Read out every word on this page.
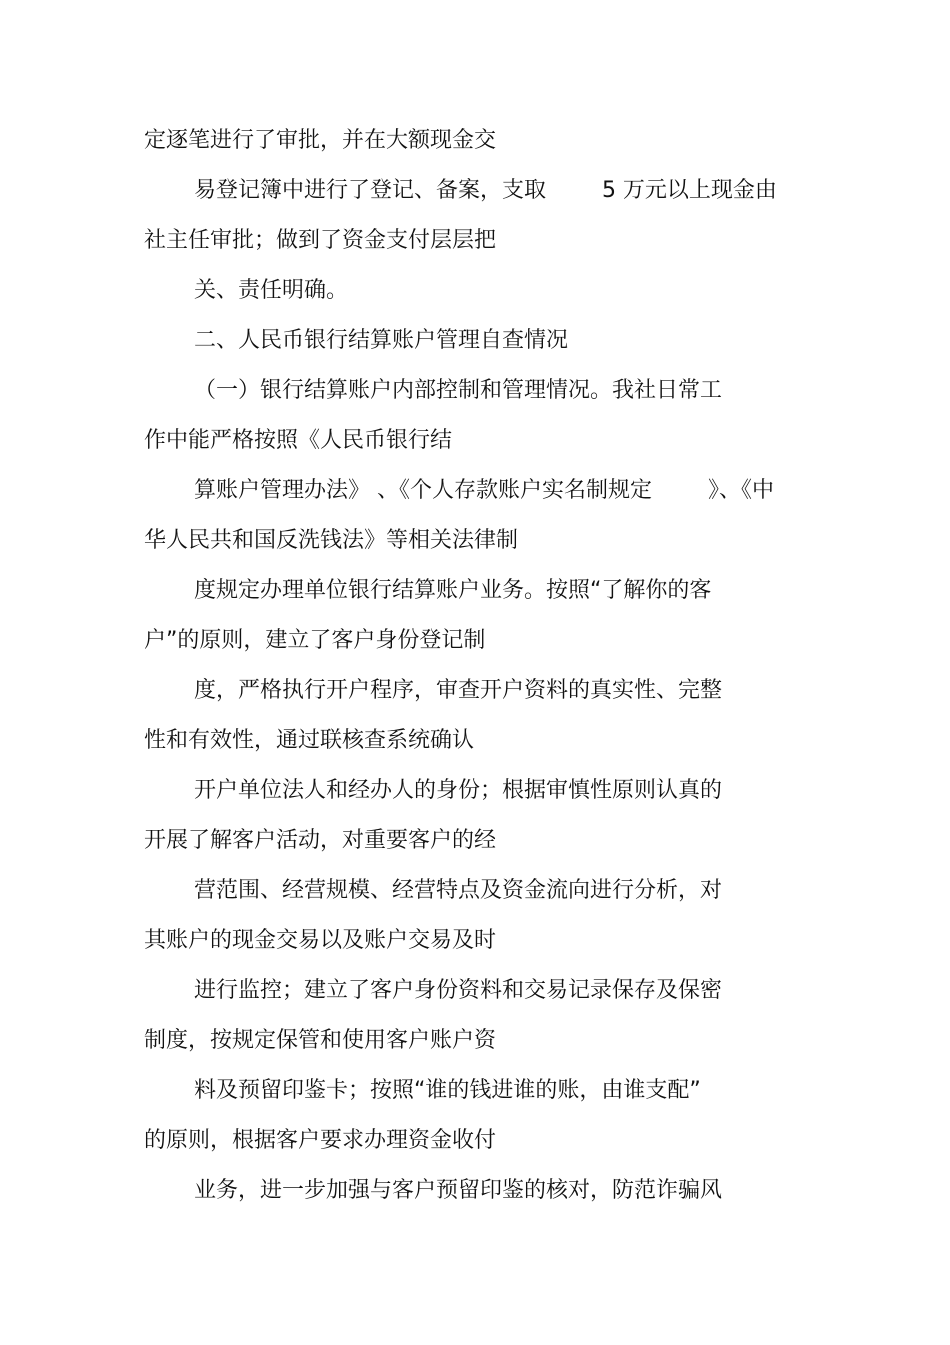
定逐笔进行了审批，并在大额现金交
易登记簿中进行了登记、备案，支取        5 万元以上现金由
社主任审批；做到了资金支付层层把
关、责任明确。
二、人民币银行结算账户管理自查情况
（一）银行结算账户内部控制和管理情况。我社日常工
作中能严格按照《人民币银行结
算账户管理办法》 、《个人存款账户实名制规定        》、《中
华人民共和国反洗钱法》等相关法律制
度规定办理单位银行结算账户业务。按照“了解你的客
户”的原则，建立了客户身份登记制
度，严格执行开户程序，审查开户资料的真实性、完整
性和有效性，通过联核查系统确认
开户单位法人和经办人的身份；根据审慎性原则认真的
开展了解客户活动，对重要客户的经
营范围、经营规模、经营特点及资金流向进行分析，对
其账户的现金交易以及账户交易及时
进行监控；建立了客户身份资料和交易记录保存及保密
制度，按规定保管和使用客户账户资
料及预留印鉴卡；按照“谁的钱进谁的账，由谁支配”
的原则，根据客户要求办理资金收付
业务，进一步加强与客户预留印鉴的核对，防范诈骗风
